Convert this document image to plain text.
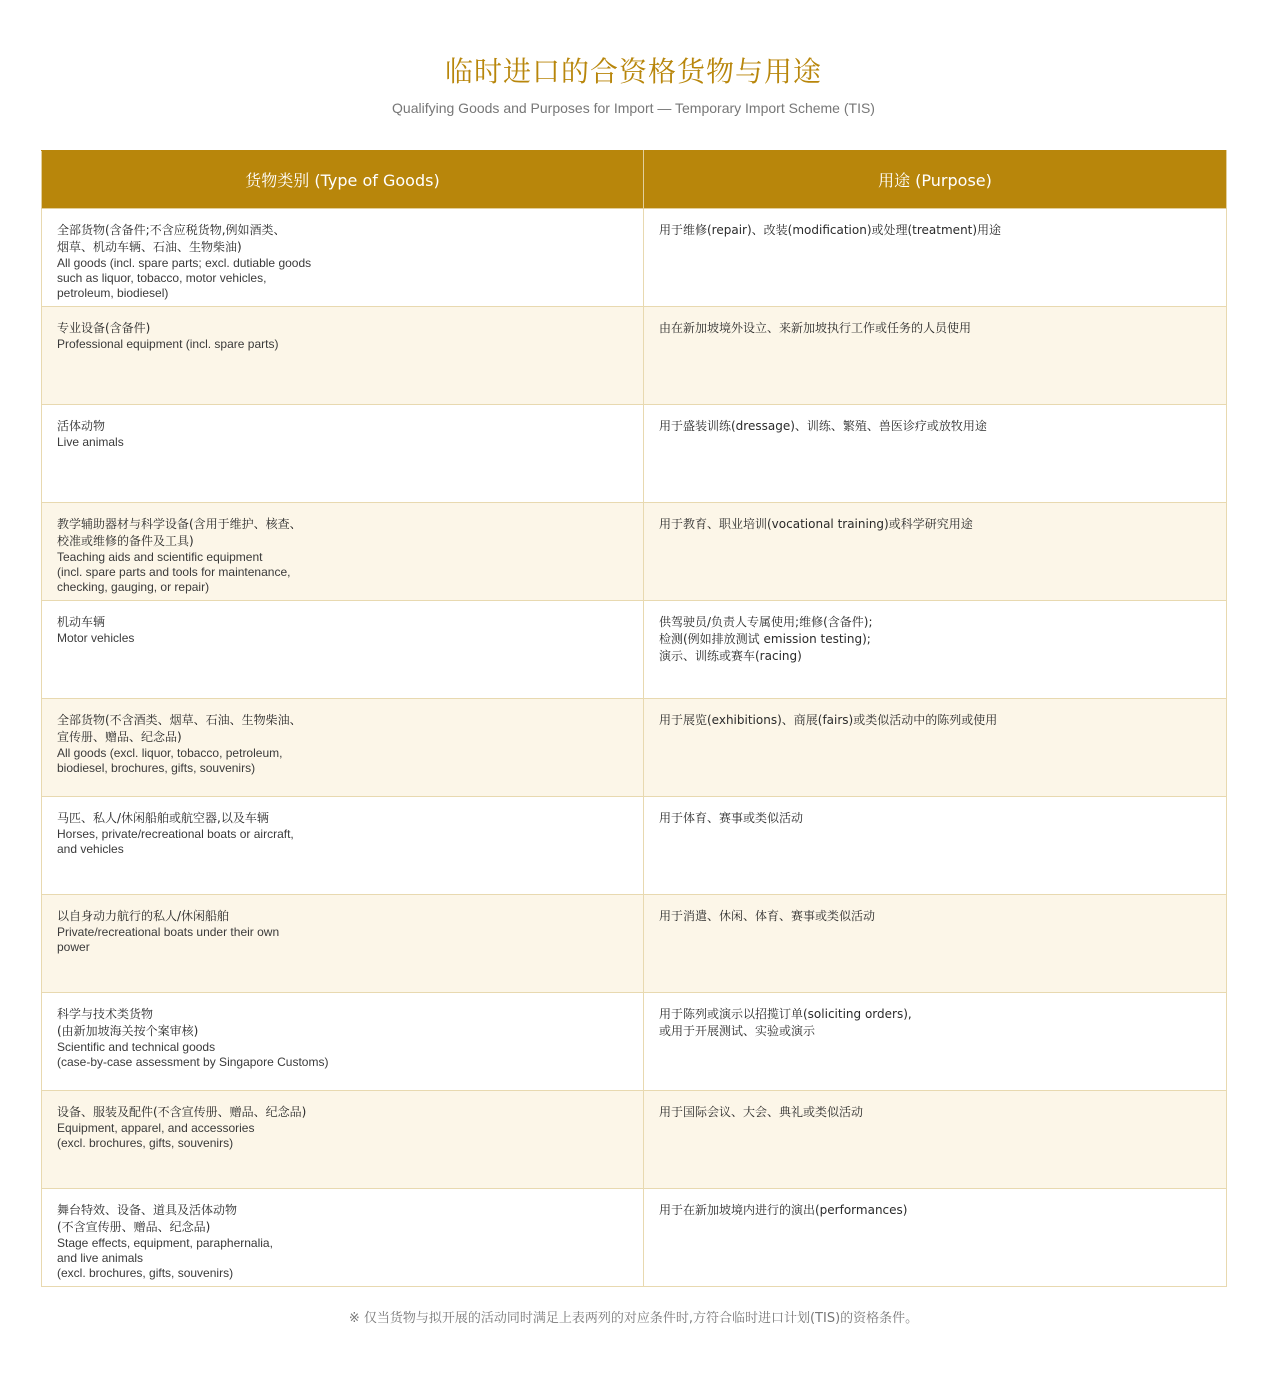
临时进口的合资格货物与用途
Qualifying Goods and Purposes for Import — Temporary Import Scheme (TIS)
货物类别 (Type of Goods)	用途 (Purpose)

全部货物(含备件;不含应税货物,例如酒类、
烟草、机动车辆、石油、生物柴油)
All goods (incl. spare parts; excl. dutiable goods
such as liquor, tobacco, motor vehicles,
petroleum, biodiesel)	用于维修(repair)、改装(modification)或处理(treatment)用途

专业设备(含备件)
Professional equipment (incl. spare parts)	由在新加坡境外设立、来新加坡执行工作或任务的人员使用

活体动物
Live animals	用于盛装训练(dressage)、训练、繁殖、兽医诊疗或放牧用途

教学辅助器材与科学设备(含用于维护、核查、
校准或维修的备件及工具)
Teaching aids and scientific equipment
(incl. spare parts and tools for maintenance,
checking, gauging, or repair)	用于教育、职业培训(vocational training)或科学研究用途

机动车辆
Motor vehicles	供驾驶员/负责人专属使用;维修(含备件);
检测(例如排放测试 emission testing);
演示、训练或赛车(racing)

全部货物(不含酒类、烟草、石油、生物柴油、
宣传册、赠品、纪念品)
All goods (excl. liquor, tobacco, petroleum,
biodiesel, brochures, gifts, souvenirs)	用于展览(exhibitions)、商展(fairs)或类似活动中的陈列或使用

马匹、私人/休闲船舶或航空器,以及车辆
Horses, private/recreational boats or aircraft,
and vehicles	用于体育、赛事或类似活动

以自身动力航行的私人/休闲船舶
Private/recreational boats under their own
power	用于消遣、休闲、体育、赛事或类似活动

科学与技术类货物
(由新加坡海关按个案审核)
Scientific and technical goods
(case-by-case assessment by Singapore Customs)	用于陈列或演示以招揽订单(soliciting orders),
或用于开展测试、实验或演示

设备、服装及配件(不含宣传册、赠品、纪念品)
Equipment, apparel, and accessories
(excl. brochures, gifts, souvenirs)	用于国际会议、大会、典礼或类似活动

舞台特效、设备、道具及活体动物
(不含宣传册、赠品、纪念品)
Stage effects, equipment, paraphernalia,
and live animals
(excl. brochures, gifts, souvenirs)	用于在新加坡境内进行的演出(performances)
※ 仅当货物与拟开展的活动同时满足上表两列的对应条件时,方符合临时进口计划(TIS)的资格条件。
